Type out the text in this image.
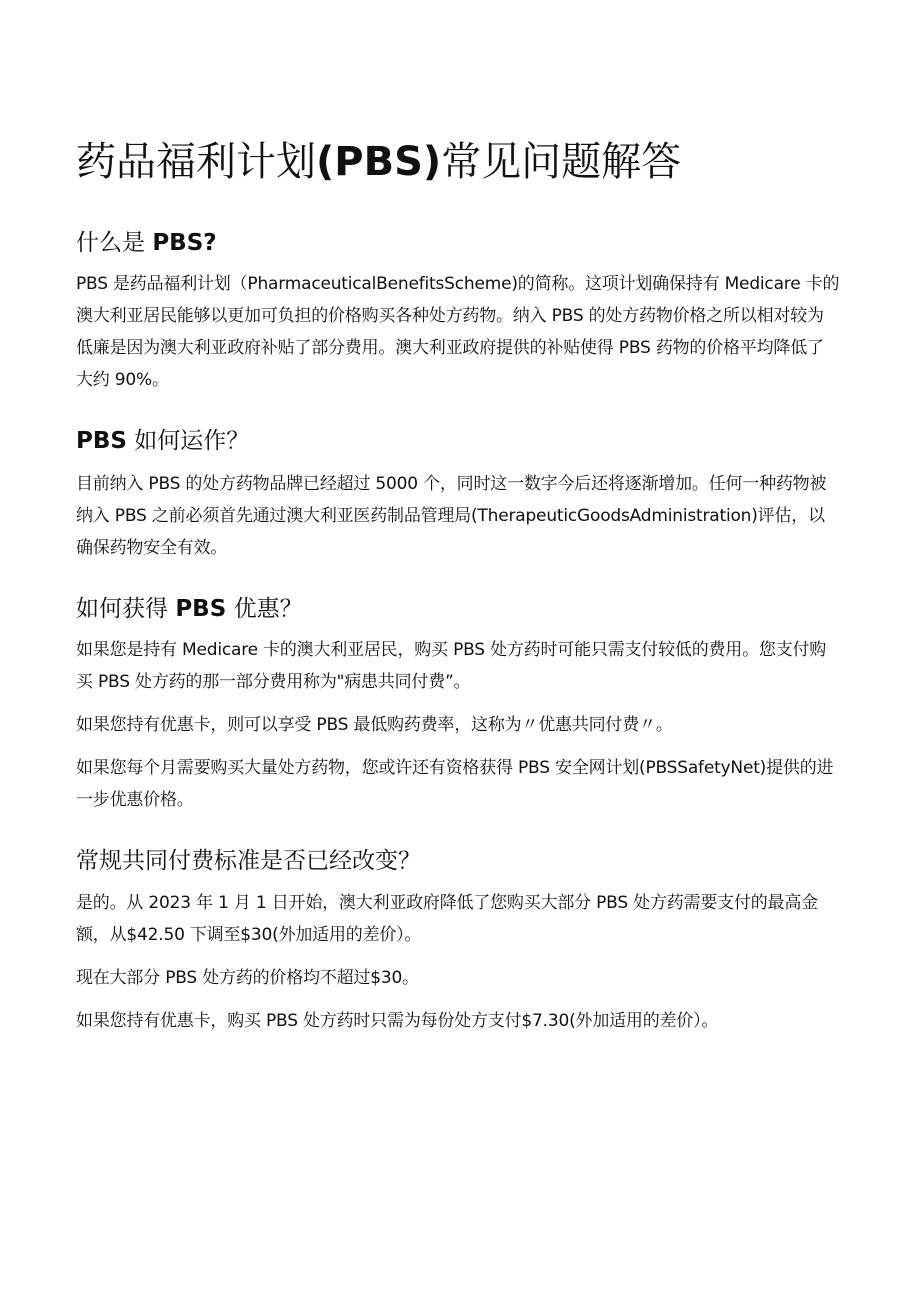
药品福利计划(PBS)常见问题解答
什么是 PBS?

PBS 是药品福利计划（PharmaceuticalBenefitsScheme)的简称。这项计划确保持有 Medicare 卡的澳大利亚居民能够以更加可负担的价格购买各种处方药物。纳入 PBS 的处方药物价格之所以相对较为低廉是因为澳大利亚政府补贴了部分费用。澳大利亚政府提供的补贴使得 PBS 药物的价格平均降低了大约 90%。

PBS 如何运作？

目前纳入 PBS 的处方药物品牌已经超过 5000 个，同时这一数字今后还将逐渐增加。任何一种药物被纳入 PBS 之前必须首先通过澳大利亚医药制品管理局(TherapeuticGoodsAdministration)评估，以确保药物安全有效。

如何获得 PBS 优惠？

如果您是持有 Medicare 卡的澳大利亚居民，购买 PBS 处方药时可能只需支付较低的费用。您支付购买 PBS 处方药的那一部分费用称为"病患共同付费”。

如果您持有优惠卡，则可以享受 PBS 最低购药费率，这称为〃优惠共同付费〃。

如果您每个月需要购买大量处方药物，您或许还有资格获得 PBS 安全网计划(PBSSafetyNet)提供的进一步优惠价格。

常规共同付费标准是否已经改变？

是的。从 2023 年 1 月 1 日开始，澳大利亚政府降低了您购买大部分 PBS 处方药需要支付的最高金额，从$42.50 下调至$30(外加适用的差价）。

现在大部分 PBS 处方药的价格均不超过$30。

如果您持有优惠卡，购买 PBS 处方药时只需为每份处方支付$7.30(外加适用的差价）。
